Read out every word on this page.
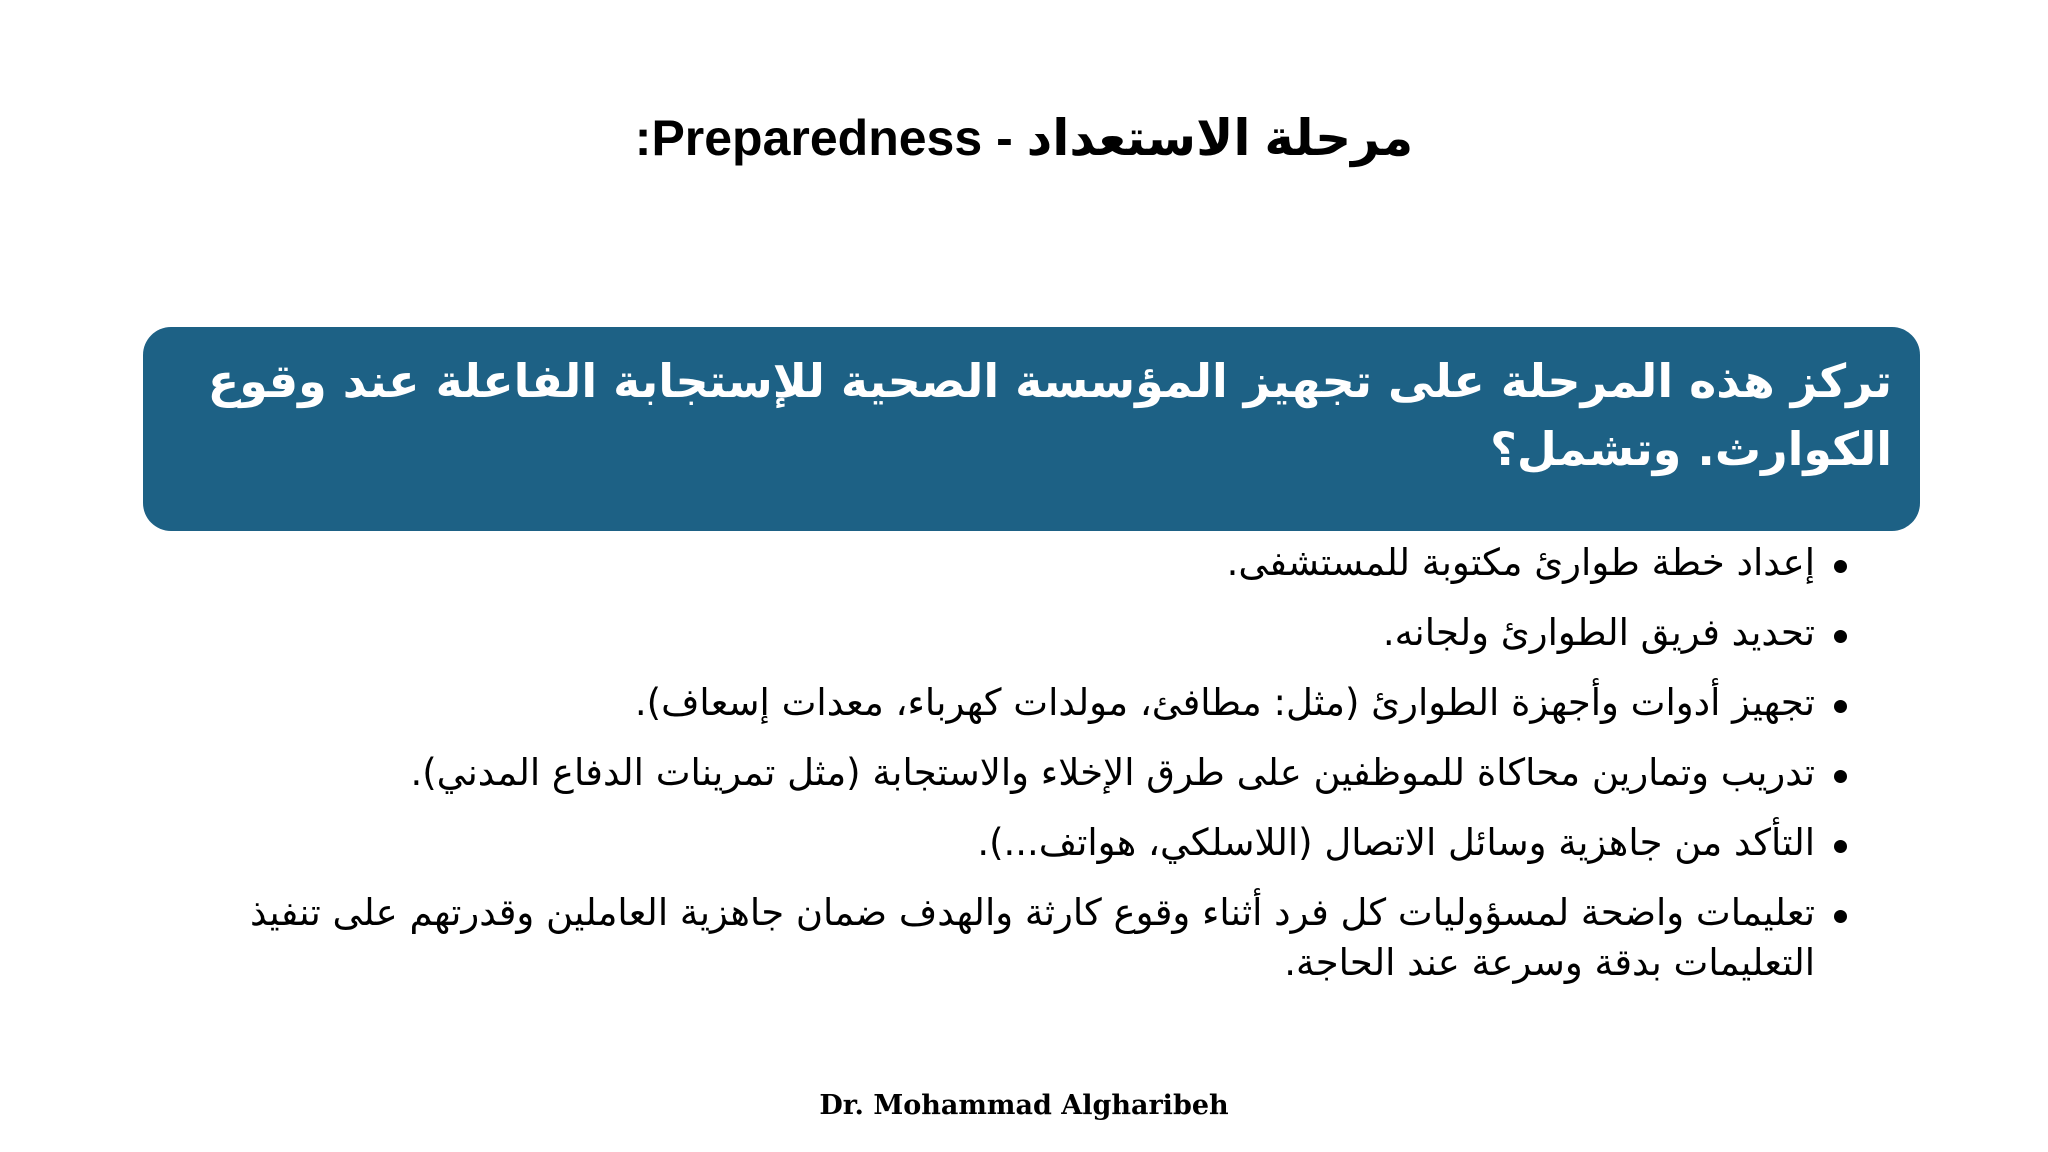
مرحلة الاستعداد - Preparedness:
تركز هذه المرحلة على تجهيز المؤسسة الصحية للإستجابة الفاعلة عند وقوع الكوارث. وتشمل؟
إعداد خطة طوارئ مكتوبة للمستشفى.
تحديد فريق الطوارئ ولجانه.
تجهيز أدوات وأجهزة الطوارئ (مثل: مطافئ، مولدات كهرباء، معدات إسعاف).
تدريب وتمارين محاكاة للموظفين على طرق الإخلاء والاستجابة (مثل تمرينات الدفاع المدني).
التأكد من جاهزية وسائل الاتصال (اللاسلكي، هواتف...).
تعليمات واضحة لمسؤوليات كل فرد أثناء وقوع كارثة والهدف ضمان جاهزية العاملين وقدرتهم على تنفيذ التعليمات بدقة وسرعة عند الحاجة.
Dr. Mohammad Algharibeh
